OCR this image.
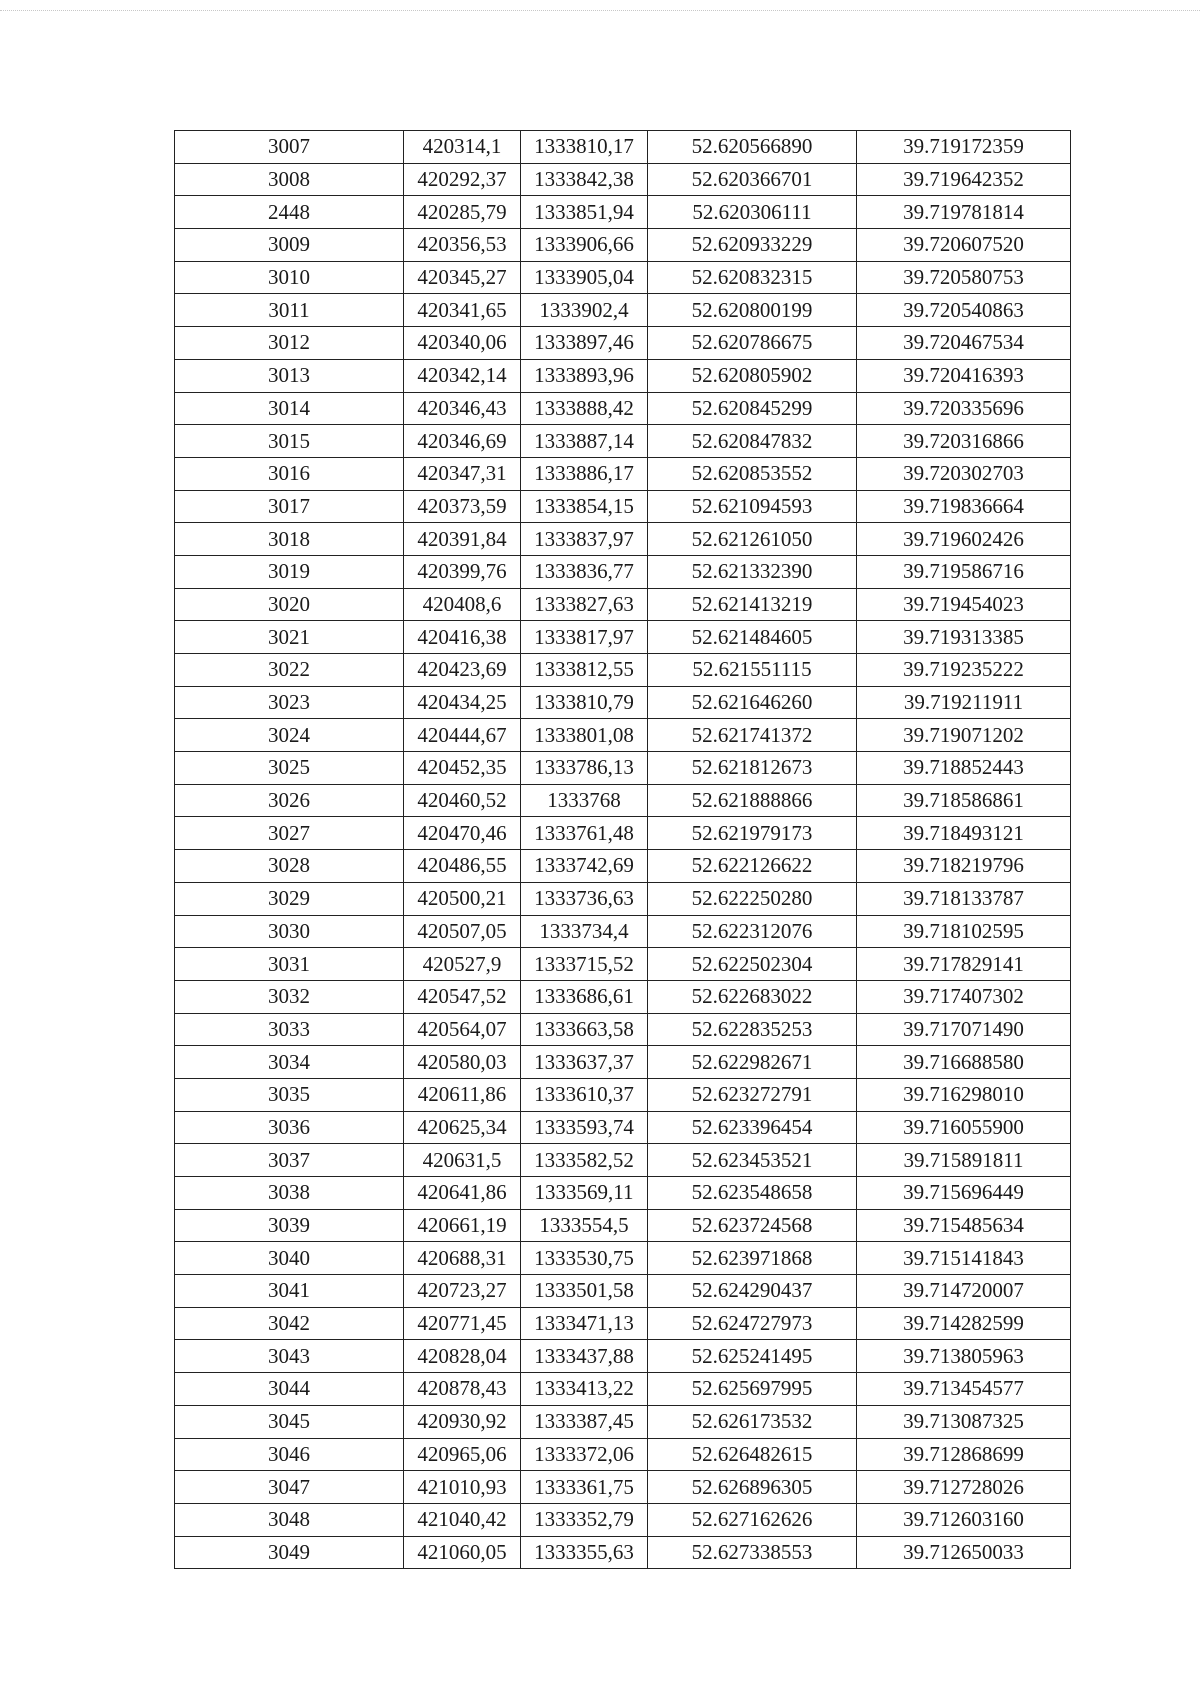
3007	420314,1	1333810,17	52.620566890	39.719172359
3008	420292,37	1333842,38	52.620366701	39.719642352
2448	420285,79	1333851,94	52.620306111	39.719781814
3009	420356,53	1333906,66	52.620933229	39.720607520
3010	420345,27	1333905,04	52.620832315	39.720580753
3011	420341,65	1333902,4	52.620800199	39.720540863
3012	420340,06	1333897,46	52.620786675	39.720467534
3013	420342,14	1333893,96	52.620805902	39.720416393
3014	420346,43	1333888,42	52.620845299	39.720335696
3015	420346,69	1333887,14	52.620847832	39.720316866
3016	420347,31	1333886,17	52.620853552	39.720302703
3017	420373,59	1333854,15	52.621094593	39.719836664
3018	420391,84	1333837,97	52.621261050	39.719602426
3019	420399,76	1333836,77	52.621332390	39.719586716
3020	420408,6	1333827,63	52.621413219	39.719454023
3021	420416,38	1333817,97	52.621484605	39.719313385
3022	420423,69	1333812,55	52.621551115	39.719235222
3023	420434,25	1333810,79	52.621646260	39.719211911
3024	420444,67	1333801,08	52.621741372	39.719071202
3025	420452,35	1333786,13	52.621812673	39.718852443
3026	420460,52	1333768	52.621888866	39.718586861
3027	420470,46	1333761,48	52.621979173	39.718493121
3028	420486,55	1333742,69	52.622126622	39.718219796
3029	420500,21	1333736,63	52.622250280	39.718133787
3030	420507,05	1333734,4	52.622312076	39.718102595
3031	420527,9	1333715,52	52.622502304	39.717829141
3032	420547,52	1333686,61	52.622683022	39.717407302
3033	420564,07	1333663,58	52.622835253	39.717071490
3034	420580,03	1333637,37	52.622982671	39.716688580
3035	420611,86	1333610,37	52.623272791	39.716298010
3036	420625,34	1333593,74	52.623396454	39.716055900
3037	420631,5	1333582,52	52.623453521	39.715891811
3038	420641,86	1333569,11	52.623548658	39.715696449
3039	420661,19	1333554,5	52.623724568	39.715485634
3040	420688,31	1333530,75	52.623971868	39.715141843
3041	420723,27	1333501,58	52.624290437	39.714720007
3042	420771,45	1333471,13	52.624727973	39.714282599
3043	420828,04	1333437,88	52.625241495	39.713805963
3044	420878,43	1333413,22	52.625697995	39.713454577
3045	420930,92	1333387,45	52.626173532	39.713087325
3046	420965,06	1333372,06	52.626482615	39.712868699
3047	421010,93	1333361,75	52.626896305	39.712728026
3048	421040,42	1333352,79	52.627162626	39.712603160
3049	421060,05	1333355,63	52.627338553	39.712650033
